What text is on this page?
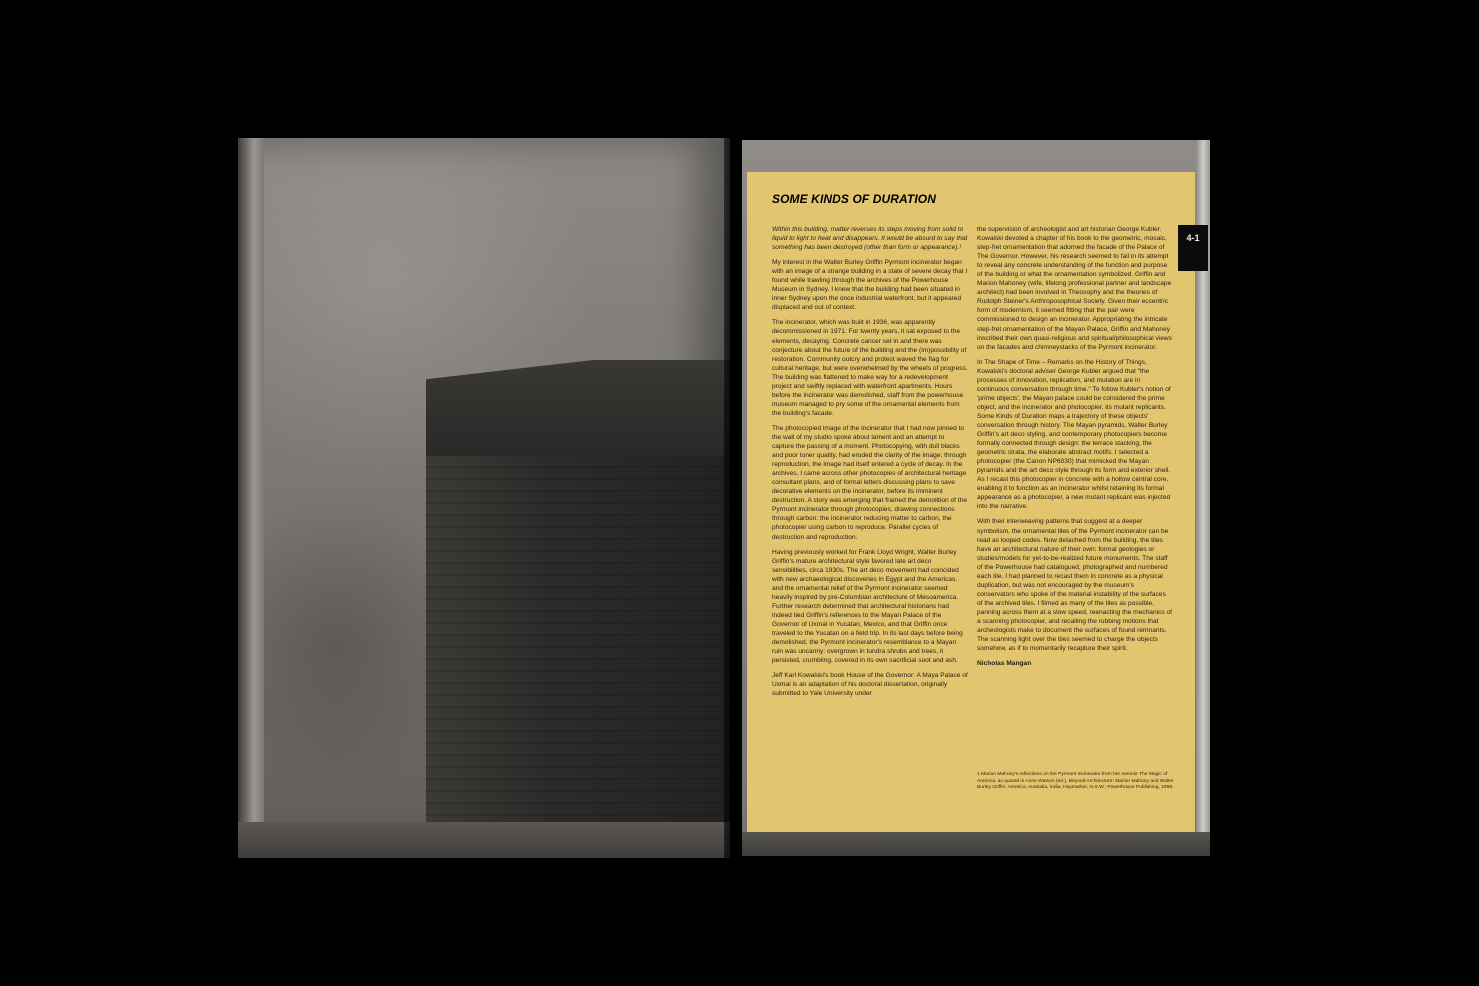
4-1
SOME KINDS OF DURATION

Within this building, matter reverses its steps moving from solid to liquid to light to heat and disappears. It would be absurd to say that something has been destroyed (other than form or appearance).¹

My interest in the Walter Burley Griffin Pyrmont incinerator began with an image of a strange building in a state of severe decay that I found while trawling through the archives of the Powerhouse Museum in Sydney. I knew that the building had been situated in inner Sydney upon the once industrial waterfront, but it appeared displaced and out of context.

The incinerator, which was built in 1936, was apparently decommissioned in 1971. For twenty years, it sat exposed to the elements, decaying. Concrete cancer set in and there was conjecture about the future of the building and the (im)possibility of restoration. Community outcry and protest waved the flag for cultural heritage, but were overwhelmed by the wheels of progress. The building was flattened to make way for a redevelopment project and swiftly replaced with waterfront apartments. Hours before the incinerator was demolished, staff from the powerhouse museum managed to pry some of the ornamental elements from the building's facade.

The photocopied image of the incinerator that I had now pinned to the wall of my studio spoke about lament and an attempt to capture the passing of a moment. Photocopying, with dull blacks and poor toner quality, had eroded the clarity of the image; through reproduction, the image had itself entered a cycle of decay. In the archives, I came across other photocopies of architectural heritage consultant plans, and of formal letters discussing plans to save decorative elements on the incinerator, before its imminent destruction. A story was emerging that framed the demolition of the Pyrmont incinerator through photocopies, drawing connections through carbon: the incinerator reducing matter to carbon, the photocopier using carbon to reproduce. Parallel cycles of destruction and reproduction.

Having previously worked for Frank Lloyd Wright, Walter Burley Griffin's mature architectural style favored late art deco sensibilities, circa 1930s. The art deco movement had coincided with new archaeological discoveries in Egypt and the Americas, and the ornamental relief of the Pyrmont incinerator seemed heavily inspired by pre-Columbian architecture of Mesoamerica. Further research determined that architectural historians had indeed tied Griffin's references to the Mayan Palace of the Governor of Uxmal in Yucatan, Mexico, and that Griffin once traveled to the Yucatan on a field trip. In its last days before being demolished, the Pyrmont incinerator's resemblance to a Mayan ruin was uncanny: overgrown in tundra shrubs and trees, it persisted, crumbling, covered in its own sacrificial soot and ash.

Jeff Karl Kowalski's book House of the Governor: A Maya Palace of Uxmal is an adaptation of his doctoral dissertation, originally submitted to Yale University under

the supervision of archeologist and art historian George Kubler. Kowalski devoted a chapter of his book to the geometric, mosaic, step-fret ornamentation that adorned the facade of the Palace of The Governor. However, his research seemed to fail in its attempt to reveal any concrete understanding of the function and purpose of the building or what the ornamentation symbolized. Griffin and Marion Mahoney (wife, lifelong professional partner and landscape architect) had been involved in Theosophy and the theories of Rudolph Steiner's Anthroposophical Society. Given their eccentric form of modernism, it seemed fitting that the pair were commissioned to design an incinerator. Appropriating the intricate step-fret ornamentation of the Mayan Palace, Griffin and Mahoney inscribed their own quasi-religious and spiritual/philosophical views on the facades and chimneystacks of the Pyrmont incinerator.

In The Shape of Time – Remarks on the History of Things, Kowalski's doctoral adviser George Kubler argued that "the processes of innovation, replication, and mutation are in continuous conversation through time." To follow Kubler's notion of 'prime objects', the Mayan palace could be considered the prime object, and the incinerator and photocopier, its mutant replicants. Some Kinds of Duration maps a trajectory of these objects' conversation through history. The Mayan pyramids, Walter Burley Griffin's art deco styling, and contemporary photocopiers become formally connected through design: the terrace stacking, the geometric strata, the elaborate abstract motifs. I selected a photocopier (the Canon NP6030) that mimicked the Mayan pyramids and the art deco style through its form and exterior shell. As I recast this photocopier in concrete with a hollow central core, enabling it to function as an incinerator whilst retaining its formal appearance as a photocopier, a new mutant replicant was injected into the narrative.

With their interweaving patterns that suggest at a deeper symbolism, the ornamental tiles of the Pyrmont incinerator can be read as looped codes. Now detached from the building, the tiles have an architectural nature of their own: formal geologies or studies/models for yet-to-be-realized future monuments. The staff of the Powerhouse had catalogued, photographed and numbered each tile. I had planned to recast them in concrete as a physical duplication, but was not encouraged by the museum's conservators who spoke of the material instability of the surfaces of the archived tiles. I filmed as many of the tiles as possible, panning across them at a slow speed, reenacting the mechanics of a scanning photocopier, and recalling the rubbing motions that archeologists make to document the surfaces of found remnants. The scanning light over the tiles seemed to charge the objects somehow, as if to momentarily recapture their spirit.

Nicholas Mangan

1 Marion Mahony's reflections on the Pyrmont incinerator from her memoir The Magic of America, as quoted in Anne Watson (ed.), Beyond Architecture: Marion Mahony and Walter Burley Griffin: America, Australia, India, Haymarket, N.S.W.: Powerhouse Publishing, 1998.
